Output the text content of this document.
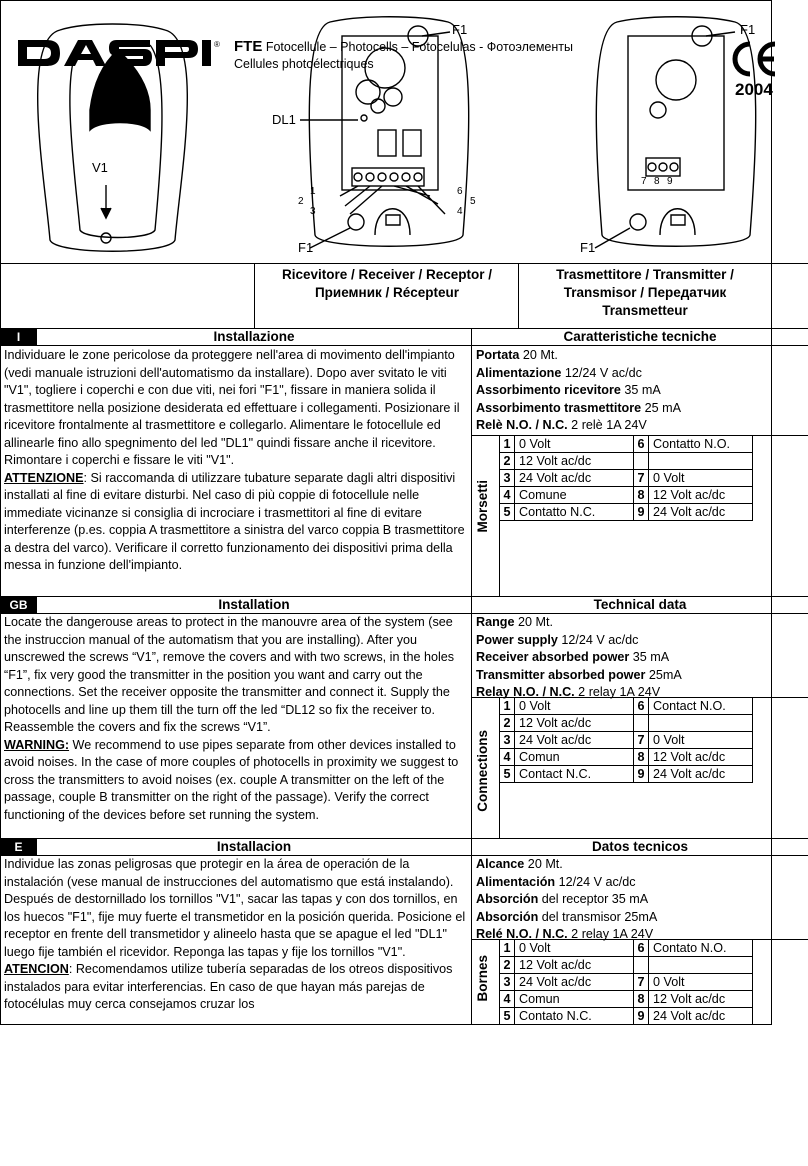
® FTE Fotocellule – Photocells – Fotocelulas - Фотоэлементы
Cellules photoélectriques
2004
V1
F1
F1
DL1
F1
F1
1
2
3	4
5
6
7 8 9
Ricevitore / Receiver / Receptor / Приемник / Récepteur
Trasmettitore / Transmitter / Transmisor / Передатчик Transmetteur
I	Installazione	Caratteristiche tecniche

Individuare le zone pericolose da proteggere nell'area di movimento dell'impianto (vedi manuale istruzioni dell'automatismo da installare). Dopo aver svitato le viti "V1", togliere i coperchi e con due viti, nei fori "F1", fissare in maniera solida il trasmettitore nella posizione desiderata ed effettuare i collegamenti. Posizionare il ricevitore frontalmente al trasmettitore e collegarlo. Alimentare le fotocellule ed allinearle fino allo spegnimento del led "DL1" quindi fissare anche il ricevitore. Rimontare i coperchi e fissare le viti "V1".

ATTENZIONE: Si raccomanda di utilizzare tubature separate dagli altri dispositivi installati al fine di evitare disturbi. Nel caso di più coppie di fotocellule nelle immediate vicinanze si consiglia di incrociare i trasmettitori al fine di evitare interferenze (p.es. coppia A trasmettitore a sinistra del varco coppia B trasmettitore a destra del varco). Verificare il corretto funzionamento dei dispositivi prima della messa in funzione dell'impianto.

Portata 20 Mt.
Alimentazione 12/24 V ac/dc
Assorbimento ricevitore 35 mA
Assorbimento trasmettitore 25 mA
Relè N.O. / N.C. 2 relè 1A 24V
Morsetti
1	0 Volt	6	Contatto N.O.
2	12 Volt ac/dc		
3	24 Volt ac/dc	7	0 Volt
4	Comune	8	12 Volt ac/dc
5	Contatto N.C.	9	24 Volt ac/dc
GB	Installation	Technical data

Locate the dangerouse areas to protect in the manouvre area of the system (see the instruccion manual of the automatism that you are installing). After you unscrewed the screws “V1”, remove the covers and with two screws, in the holes “F1”, fix very good the transmitter in the position you want and carry out the connections. Set the receiver opposite the transmitter and connect it. Supply the photocells and line up them till the turn off the led “DL12 so fix the receiver to. Reassemble the covers and fix the screws “V1”.

WARNING: We recommend to use pipes separate from other devices installed to avoid noises. In the case of more couples of photocells in proximity we suggest to cross the transmitters to avoid noises (ex. couple A transmitter on the left of the passage, couple B transmitter on the right of the passage). Verify the correct functioning of the devices before set running the system.

Range 20 Mt.
Power supply 12/24 V ac/dc
Receiver absorbed power 35 mA
Transmitter absorbed power 25mA
Relay N.O. / N.C. 2 relay 1A 24V
Connections
1	0 Volt	6	Contact N.O.
2	12 Volt ac/dc		
3	24 Volt ac/dc	7	0 Volt
4	Comun	8	12 Volt ac/dc
5	Contact N.C.	9	24 Volt ac/dc
E	Installacion	Datos tecnicos

Individue las zonas peligrosas que protegir en la área de operación de la instalación (vese manual de instrucciones del automatismo que está instalando). Después de destornillado los tornillos "V1", sacar las tapas y con dos tornillos, en los huecos "F1", fije muy fuerte el transmetidor en la posición querida. Posicione el receptor en frente dell transmetidor y alineelo hasta que se apague el led "DL1" luego fije también el ricevidor. Reponga las tapas y fije los tornillos "V1".

ATENCION: Recomendamos utilize tubería separadas de los otreos dispositivos instalados para evitar interferencias. En caso de que hayan más parejas de fotocélulas muy cerca consejamos cruzar los

Alcance 20 Mt.
Alimentación 12/24 V ac/dc
Absorción del receptor 35 mA
Absorción del transmisor 25mA
Relé N.O. / N.C. 2 relay 1A 24V
Bornes
1	0 Volt	6	Contato N.O.
2	12 Volt ac/dc		
3	24 Volt ac/dc	7	0 Volt
4	Comun	8	12 Volt ac/dc
5	Contato N.C.	9	24 Volt ac/dc
